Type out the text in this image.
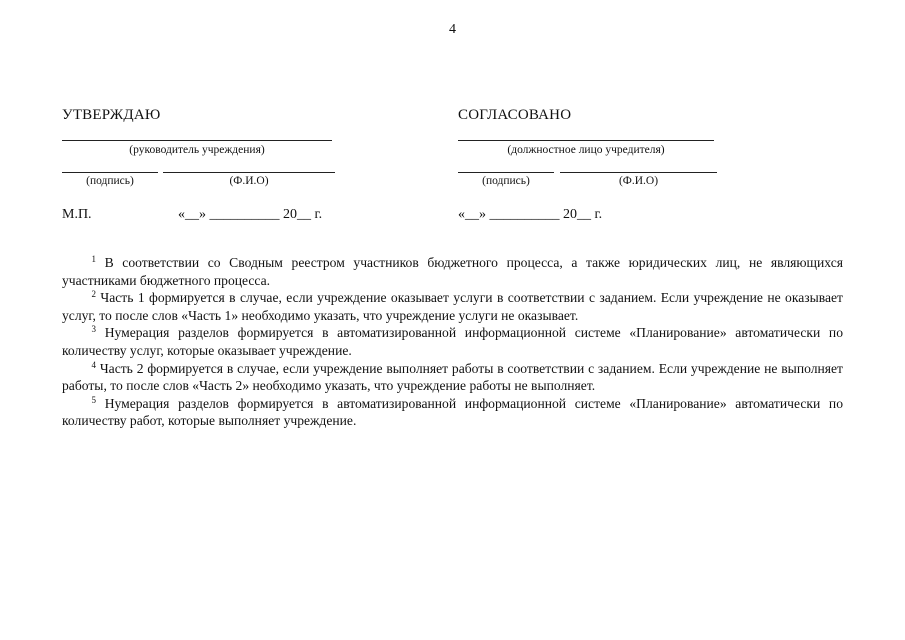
4
УТВЕРЖДАЮ
(руководитель учреждения)
(подпись)	(Ф.И.О)
М.П.	«__» __________ 20__ г.
СОГЛАСОВАНО
(должностное лицо учредителя)
(подпись)	(Ф.И.О)
«__» __________ 20__ г.

$^1$ В соответствии со Сводным реестром участников бюджетного процесса, а также юридических лиц, не являющихся участниками бюджетного процесса.

$^2$ Часть 1 формируется в случае, если учреждение оказывает услуги в соответствии с заданием. Если учреждение не оказывает услуг, то после слов «Часть 1» необходимо указать, что учреждение услуги не оказывает.

$^3$ Нумерация разделов формируется в автоматизированной информационной системе «Планирование» автоматически по количеству услуг, которые оказывает учреждение.

$^4$ Часть 2 формируется в случае, если учреждение выполняет работы в соответствии с заданием. Если учреждение не выполняет работы, то после слов «Часть 2» необходимо указать, что учреждение работы не выполняет.

$^5$ Нумерация разделов формируется в автоматизированной информационной системе «Планирование» автоматически по количеству работ, которые выполняет учреждение.
